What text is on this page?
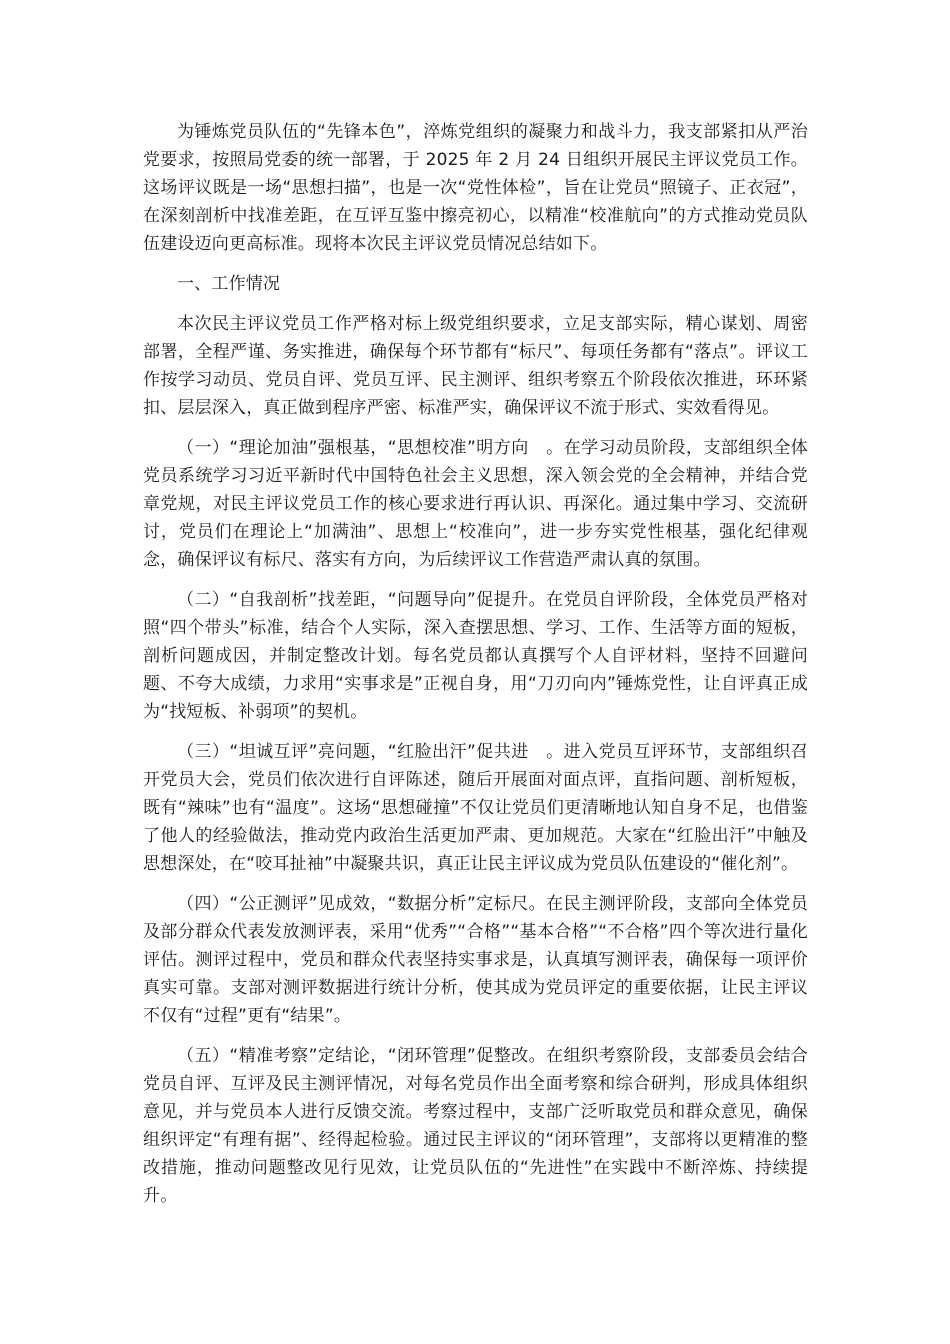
为锤炼党员队伍的“先锋本色”，淬炼党组织的凝聚力和战斗力，我支部紧扣从严治党要求，按照局党委的统一部署，于 2025 年 2 月 24 日组织开展民主评议党员工作。这场评议既是一场“思想扫描”，也是一次“党性体检”，旨在让党员“照镜子、正衣冠”，在深刻剖析中找准差距，在互评互鉴中擦亮初心，以精准“校准航向”的方式推动党员队伍建设迈向更高标准。现将本次民主评议党员情况总结如下。

一、工作情况

本次民主评议党员工作严格对标上级党组织要求，立足支部实际，精心谋划、周密部署，全程严谨、务实推进，确保每个环节都有“标尺”、每项任务都有“落点”。评议工作按学习动员、党员自评、党员互评、民主测评、组织考察五个阶段依次推进，环环紧扣、层层深入，真正做到程序严密、标准严实，确保评议不流于形式、实效看得见。

（一）“理论加油”强根基，“思想校准”明方向　。在学习动员阶段，支部组织全体党员系统学习习近平新时代中国特色社会主义思想，深入领会党的全会精神，并结合党章党规，对民主评议党员工作的核心要求进行再认识、再深化。通过集中学习、交流研讨，党员们在理论上“加满油”、思想上“校准向”，进一步夯实党性根基，强化纪律观念，确保评议有标尺、落实有方向，为后续评议工作营造严肃认真的氛围。

（二）“自我剖析”找差距，“问题导向”促提升。在党员自评阶段，全体党员严格对照“四个带头”标准，结合个人实际，深入查摆思想、学习、工作、生活等方面的短板，剖析问题成因，并制定整改计划。每名党员都认真撰写个人自评材料，坚持不回避问题、不夸大成绩，力求用“实事求是”正视自身，用“刀刃向内”锤炼党性，让自评真正成为“找短板、补弱项”的契机。

（三）“坦诚互评”亮问题，“红脸出汗”促共进　。进入党员互评环节，支部组织召开党员大会，党员们依次进行自评陈述，随后开展面对面点评，直指问题、剖析短板，既有“辣味”也有“温度”。这场“思想碰撞”不仅让党员们更清晰地认知自身不足，也借鉴了他人的经验做法，推动党内政治生活更加严肃、更加规范。大家在“红脸出汗”中触及思想深处，在“咬耳扯袖”中凝聚共识，真正让民主评议成为党员队伍建设的“催化剂”。

（四）“公正测评”见成效，“数据分析”定标尺。在民主测评阶段，支部向全体党员及部分群众代表发放测评表，采用“优秀”“合格”“基本合格”“不合格”四个等次进行量化评估。测评过程中，党员和群众代表坚持实事求是，认真填写测评表，确保每一项评价真实可靠。支部对测评数据进行统计分析，使其成为党员评定的重要依据，让民主评议不仅有“过程”更有“结果”。

（五）“精准考察”定结论，“闭环管理”促整改。在组织考察阶段，支部委员会结合党员自评、互评及民主测评情况，对每名党员作出全面考察和综合研判，形成具体组织意见，并与党员本人进行反馈交流。考察过程中，支部广泛听取党员和群众意见，确保组织评定“有理有据”、经得起检验。通过民主评议的“闭环管理”，支部将以更精准的整改措施，推动问题整改见行见效，让党员队伍的“先进性”在实践中不断淬炼、持续提升。
